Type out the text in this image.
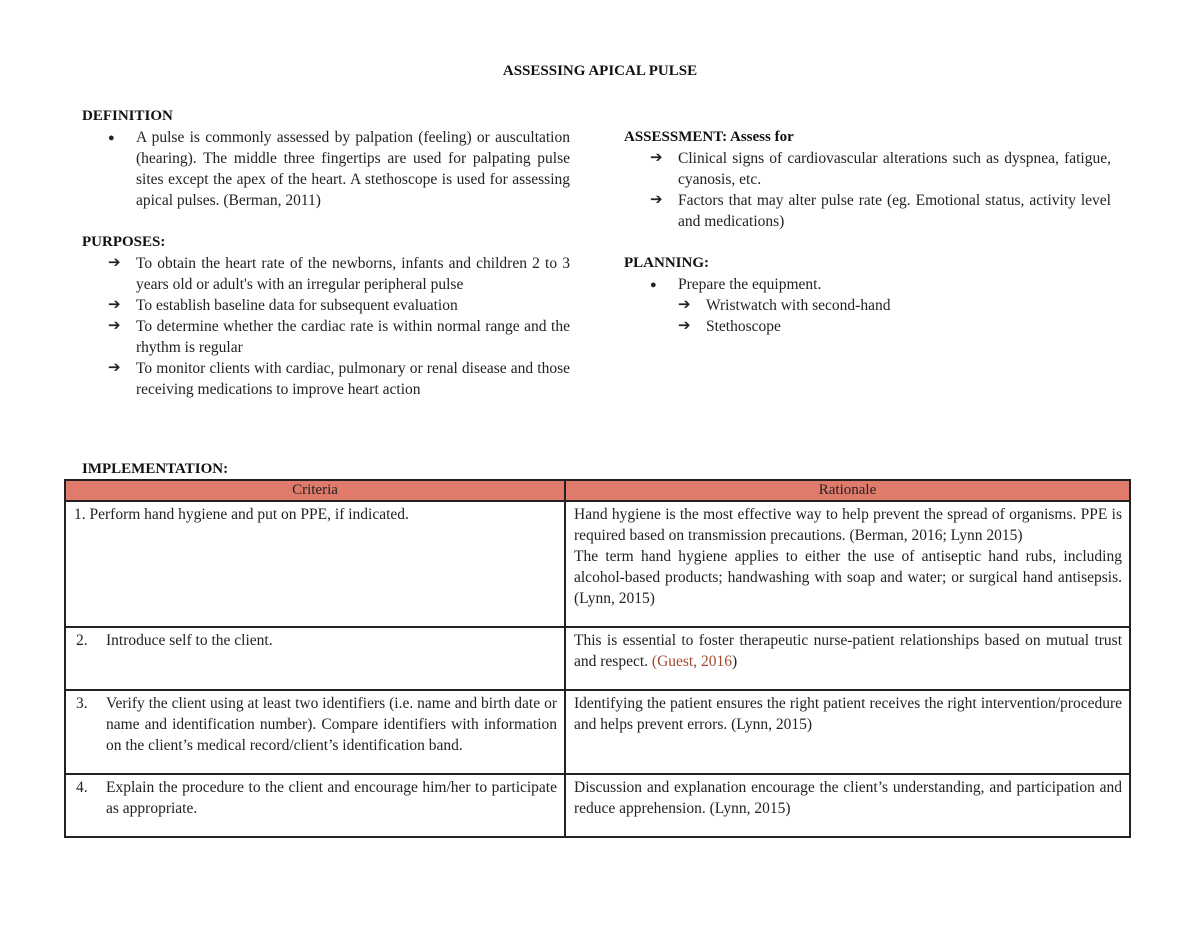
ASSESSING APICAL PULSE
DEFINITION
●	A pulse is commonly assessed by palpation (feeling) or auscultation (hearing). The middle three fingertips are used for palpating pulse sites except the apex of the heart. A stethoscope is used for assessing apical pulses. (Berman, 2011)
PURPOSES:
➔ To obtain the heart rate of the newborns, infants and children 2 to 3 years old or adult's with an irregular peripheral pulse
➔ To establish baseline data for subsequent evaluation
➔ To determine whether the cardiac rate is within normal range and the rhythm is regular
➔ To monitor clients with cardiac, pulmonary or renal disease and those receiving medications to improve heart action
ASSESSMENT: Assess for
➔ Clinical signs of cardiovascular alterations such as dyspnea, fatigue, cyanosis, etc.
➔ Factors that may alter pulse rate (eg. Emotional status, activity level and medications)
PLANNING:
●	Prepare the equipment.
➔ Wristwatch with second-hand
➔ Stethoscope
IMPLEMENTATION:
Criteria	Rationale

1. Perform hand hygiene and put on PPE, if indicated.	Hand hygiene is the most effective way to help prevent the spread of organisms. PPE is required based on transmission precautions. (Berman, 2016; Lynn 2015)
The term hand hygiene applies to either the use of antiseptic hand rubs, including alcohol-based products; handwashing with soap and water; or surgical hand antisepsis. (Lynn, 2015)

2. Introduce self to the client.	This is essential to foster therapeutic nurse-patient relationships based on mutual trust and respect. (Guest, 2016)

3. Verify the client using at least two identifiers (i.e. name and birth date or name and identification number). Compare identifiers with information on the client’s medical record/client’s identification band.	Identifying the patient ensures the right patient receives the right intervention/procedure and helps prevent errors. (Lynn, 2015)

4. Explain the procedure to the client and encourage him/her to participate as appropriate.	Discussion and explanation encourage the client’s understanding, and participation and reduce apprehension. (Lynn, 2015)
